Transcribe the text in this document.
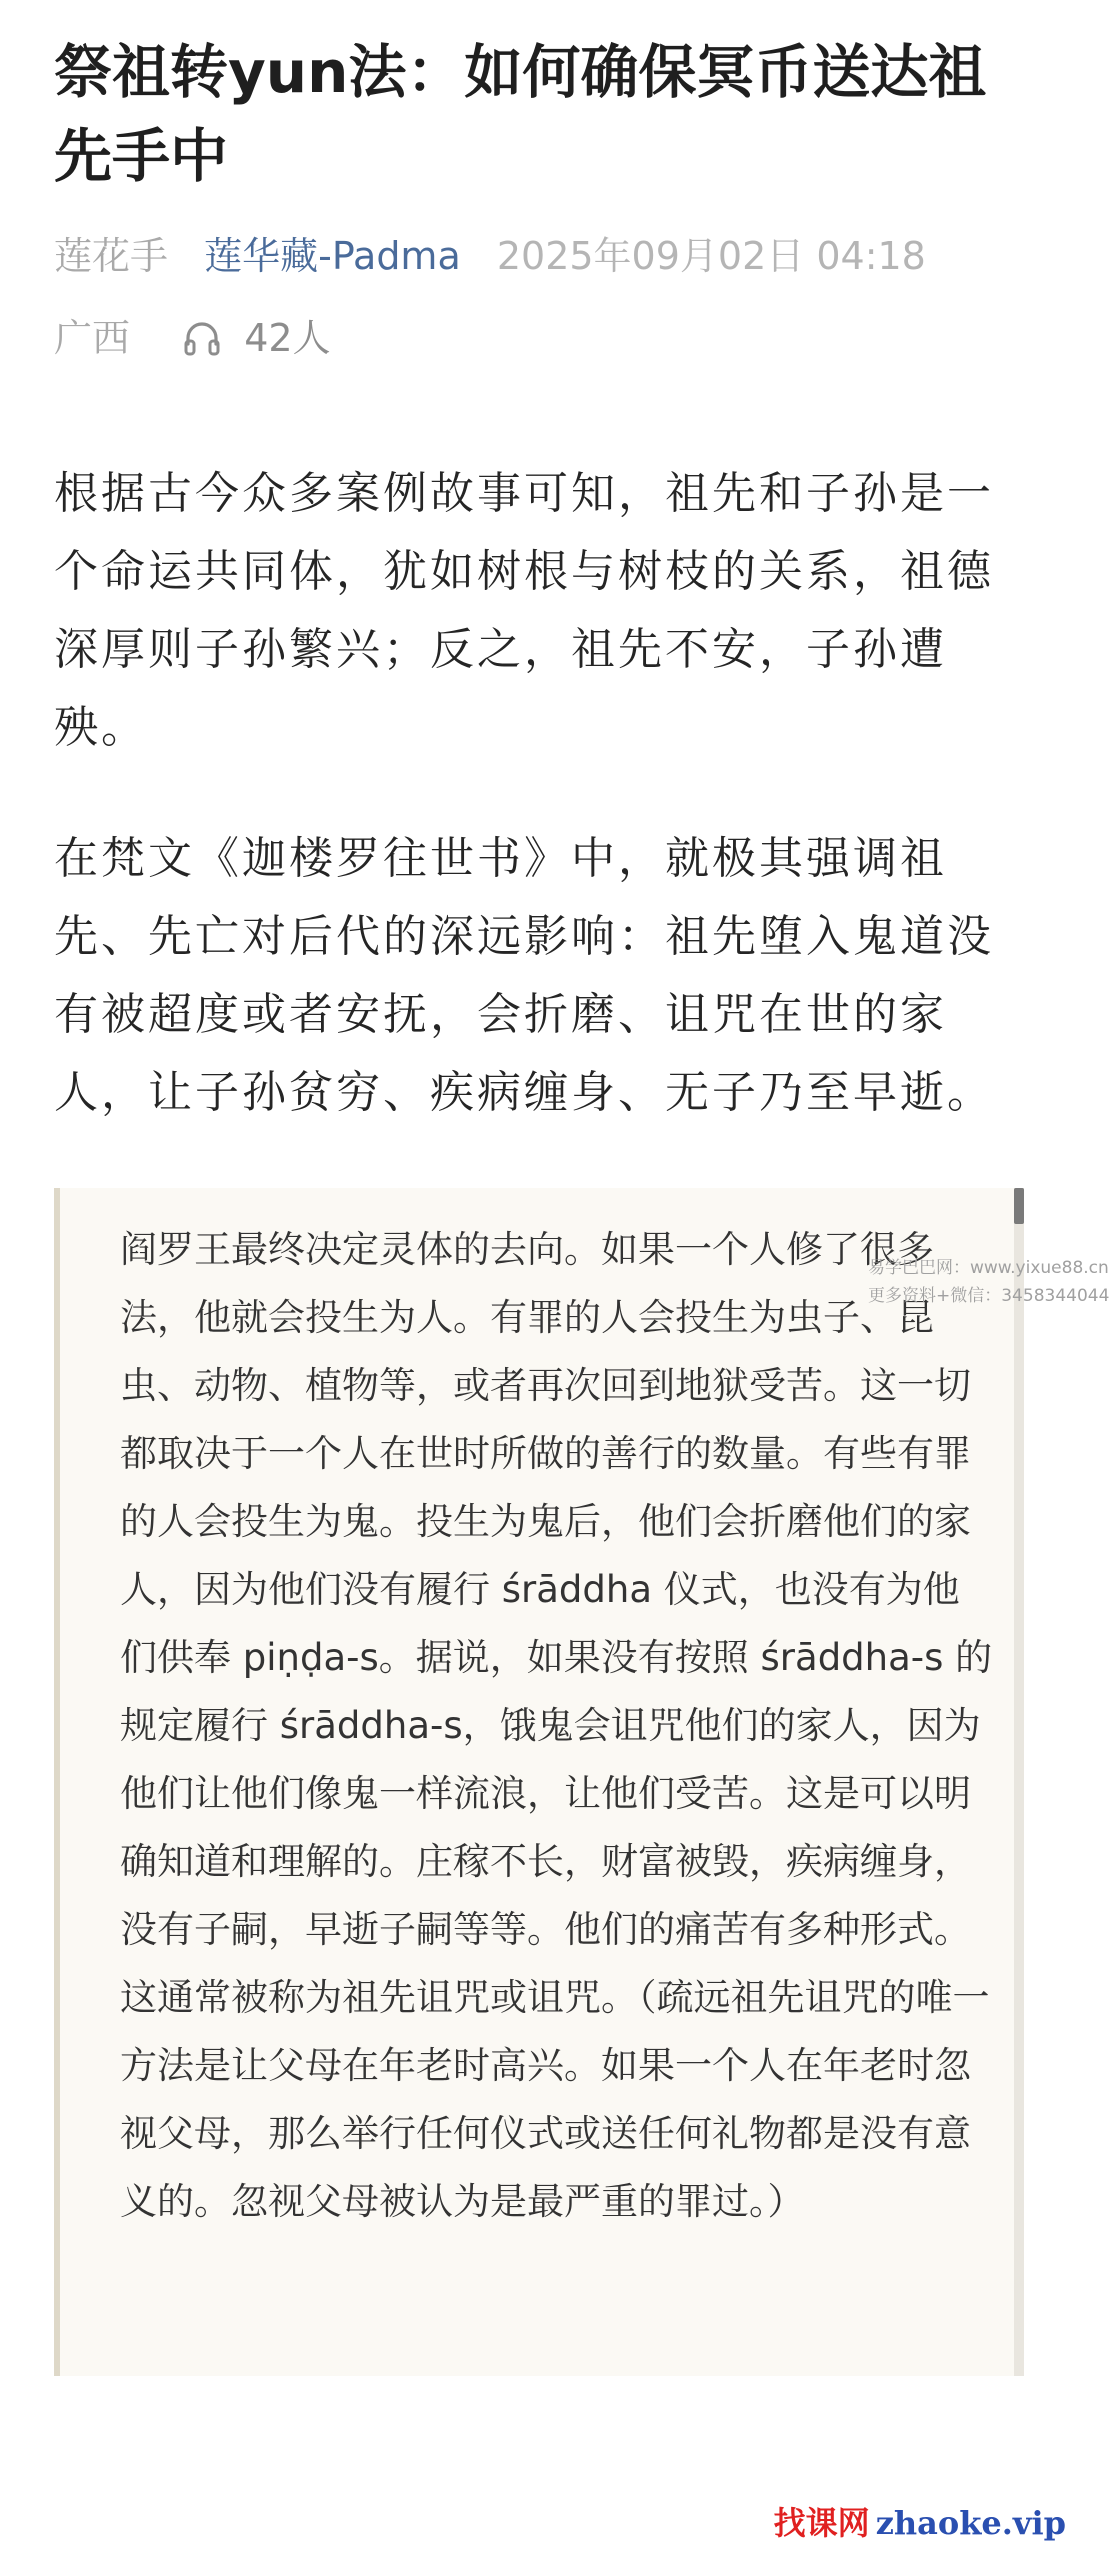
祭祖转yun法：如何确保冥币送达祖先手中
莲花手 莲华藏-Padma 2025年09月02日 04:18
广西	42人

根据古今众多案例故事可知，祖先和子孙是一个命运共同体，犹如树根与树枝的关系，祖德深厚则子孙繁兴；反之，祖先不安，子孙遭殃。

在梵文《迦楼罗往世书》中，就极其强调祖先、先亡对后代的深远影响：祖先堕入鬼道没有被超度或者安抚，会折磨、诅咒在世的家人，让子孙贫穷、疾病缠身、无子乃至早逝。

阎罗王最终决定灵体的去向。如果一个人修了很多法，他就会投生为人。有罪的人会投生为虫子、昆虫、动物、植物等，或者再次回到地狱受苦。这一切都取决于一个人在世时所做的善行的数量。有些有罪的人会投生为鬼。投生为鬼后，他们会折磨他们的家人，因为他们没有履行 śrāddha 仪式，也没有为他们供奉 piṇḍa-s。据说，如果没有按照 śrāddha-s 的规定履行 śrāddha-s，饿鬼会诅咒他们的家人，因为他们让他们像鬼一样流浪，让他们受苦。这是可以明确知道和理解的。庄稼不长，财富被毁，疾病缠身，没有子嗣，早逝子嗣等等。他们的痛苦有多种形式。这通常被称为祖先诅咒或诅咒。（疏远祖先诅咒的唯一方法是让父母在年老时高兴。如果一个人在年老时忽视父母，那么举行任何仪式或送任何礼物都是没有意义的。忽视父母被认为是最严重的罪过。）

易学巴巴网：www.yixue88.cn
更多资料+微信：3458344044
找课网 zhaoke.vip
